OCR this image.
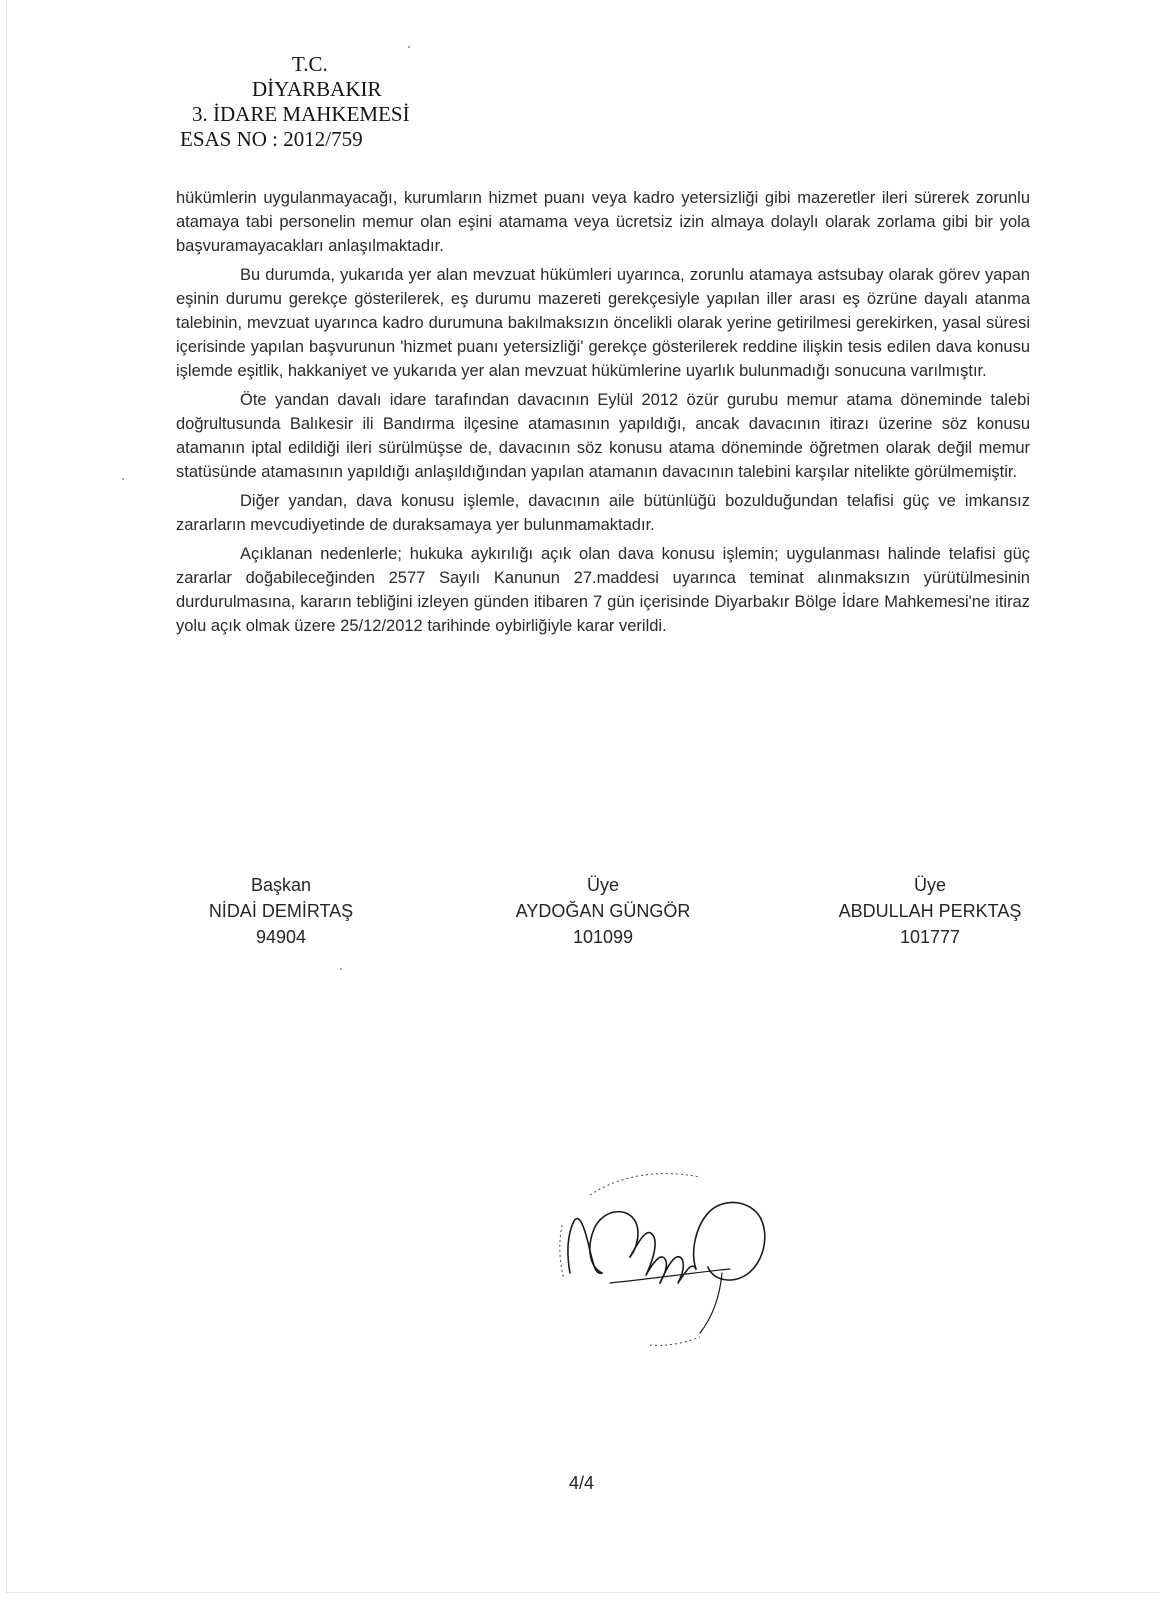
T.C.
DİYARBAKIR
3. İDARE MAHKEMESİ
ESAS NO : 2012/759

hükümlerin uygulanmayacağı, kurumların hizmet puanı veya kadro yetersizliği gibi mazeretler ileri sürerek zorunlu atamaya tabi personelin memur olan eşini atamama veya ücretsiz izin almaya dolaylı olarak zorlama gibi bir yola başvuramayacakları anlaşılmaktadır.

Bu durumda, yukarıda yer alan mevzuat hükümleri uyarınca, zorunlu atamaya astsubay olarak görev yapan eşinin durumu gerekçe gösterilerek, eş durumu mazereti gerekçesiyle yapılan iller arası eş özrüne dayalı atanma talebinin, mevzuat uyarınca kadro durumuna bakılmaksızın öncelikli olarak yerine getirilmesi gerekirken, yasal süresi içerisinde yapılan başvurunun 'hizmet puanı yetersizliği' gerekçe gösterilerek reddine ilişkin tesis edilen dava konusu işlemde eşitlik, hakkaniyet ve yukarıda yer alan mevzuat hükümlerine uyarlık bulunmadığı sonucuna varılmıştır.

Öte yandan davalı idare tarafından davacının Eylül 2012 özür gurubu memur atama döneminde talebi doğrultusunda Balıkesir ili Bandırma ilçesine atamasının yapıldığı, ancak davacının itirazı üzerine söz konusu atamanın iptal edildiği ileri sürülmüşse de, davacının söz konusu atama döneminde öğretmen olarak değil memur statüsünde atamasının yapıldığı anlaşıldığından yapılan atamanın davacının talebini karşılar nitelikte görülmemiştir.

Diğer yandan, dava konusu işlemle, davacının aile bütünlüğü bozulduğundan telafisi güç ve imkansız zararların mevcudiyetinde de duraksamaya yer bulunmamaktadır.

Açıklanan nedenlerle; hukuka aykırılığı açık olan dava konusu işlemin; uygulanması halinde telafisi güç zararlar doğabileceğinden 2577 Sayılı Kanunun 27.maddesi uyarınca teminat alınmaksızın yürütülmesinin durdurulmasına, kararın tebliğini izleyen günden itibaren 7 gün içerisinde Diyarbakır Bölge İdare Mahkemesi'ne itiraz yolu açık olmak üzere 25/12/2012 tarihinde oybirliğiyle karar verildi.

Başkan
NİDAİ DEMİRTAŞ
94904
Üye
AYDOĞAN GÜNGÖR
101099
Üye
ABDULLAH PERKTAŞ
101777
4/4
